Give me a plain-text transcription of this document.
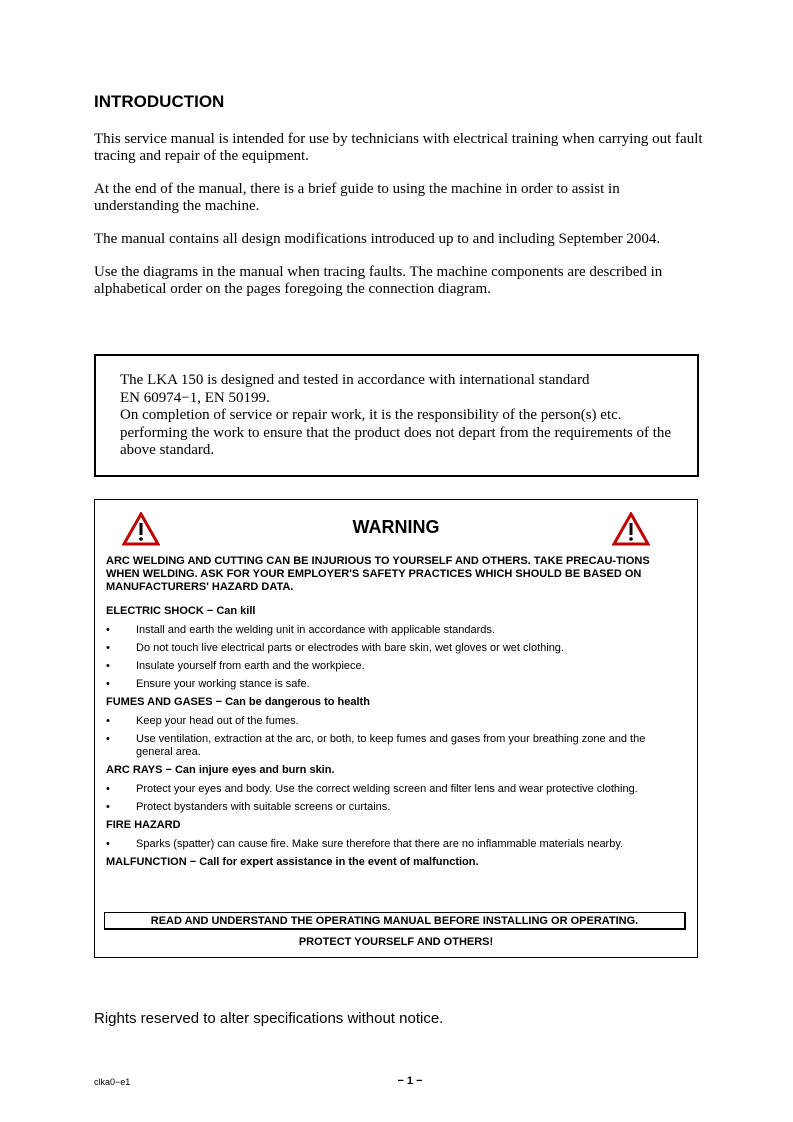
INTRODUCTION

This service manual is intended for use by technicians with electrical training when carrying out fault tracing and repair of the equipment.

At the end of the manual, there is a brief guide to using the machine in order to assist in understanding the machine.

The manual contains all design modifications introduced up to and including September 2004.

Use the diagrams in the manual when tracing faults. The machine components are described in alphabetical order on the pages foregoing the connection diagram.

The LKA 150 is designed and tested in accordance with international standard
EN 60974−1, EN 50199.
On completion of service or repair work, it is the responsibility of the person(s) etc. performing the work to ensure that the product does not depart from the requirements of the above standard.
WARNING
ARC WELDING AND CUTTING CAN BE INJURIOUS TO YOURSELF AND OTHERS. TAKE PRECAU-TIONS WHEN WELDING. ASK FOR YOUR EMPLOYER'S SAFETY PRACTICES WHICH SHOULD BE BASED ON MANUFACTURERS' HAZARD DATA.
ELECTRIC SHOCK − Can kill
• Install and earth the welding unit in accordance with applicable standards.
• Do not touch live electrical parts or electrodes with bare skin, wet gloves or wet clothing.
• Insulate yourself from earth and the workpiece.
• Ensure your working stance is safe.
FUMES AND GASES − Can be dangerous to health
• Keep your head out of the fumes.
• Use ventilation, extraction at the arc, or both, to keep fumes and gases from your breathing zone and the general area.
ARC RAYS − Can injure eyes and burn skin.
• Protect your eyes and body. Use the correct welding screen and filter lens and wear protective clothing.
• Protect bystanders with suitable screens or curtains.
FIRE HAZARD
• Sparks (spatter) can cause fire. Make sure therefore that there are no inflammable materials nearby.
MALFUNCTION − Call for expert assistance in the event of malfunction.
READ AND UNDERSTAND THE OPERATING MANUAL BEFORE INSTALLING OR OPERATING.
PROTECT YOURSELF AND OTHERS!
Rights reserved to alter specifications without notice.
clka0−e1	− 1 −
